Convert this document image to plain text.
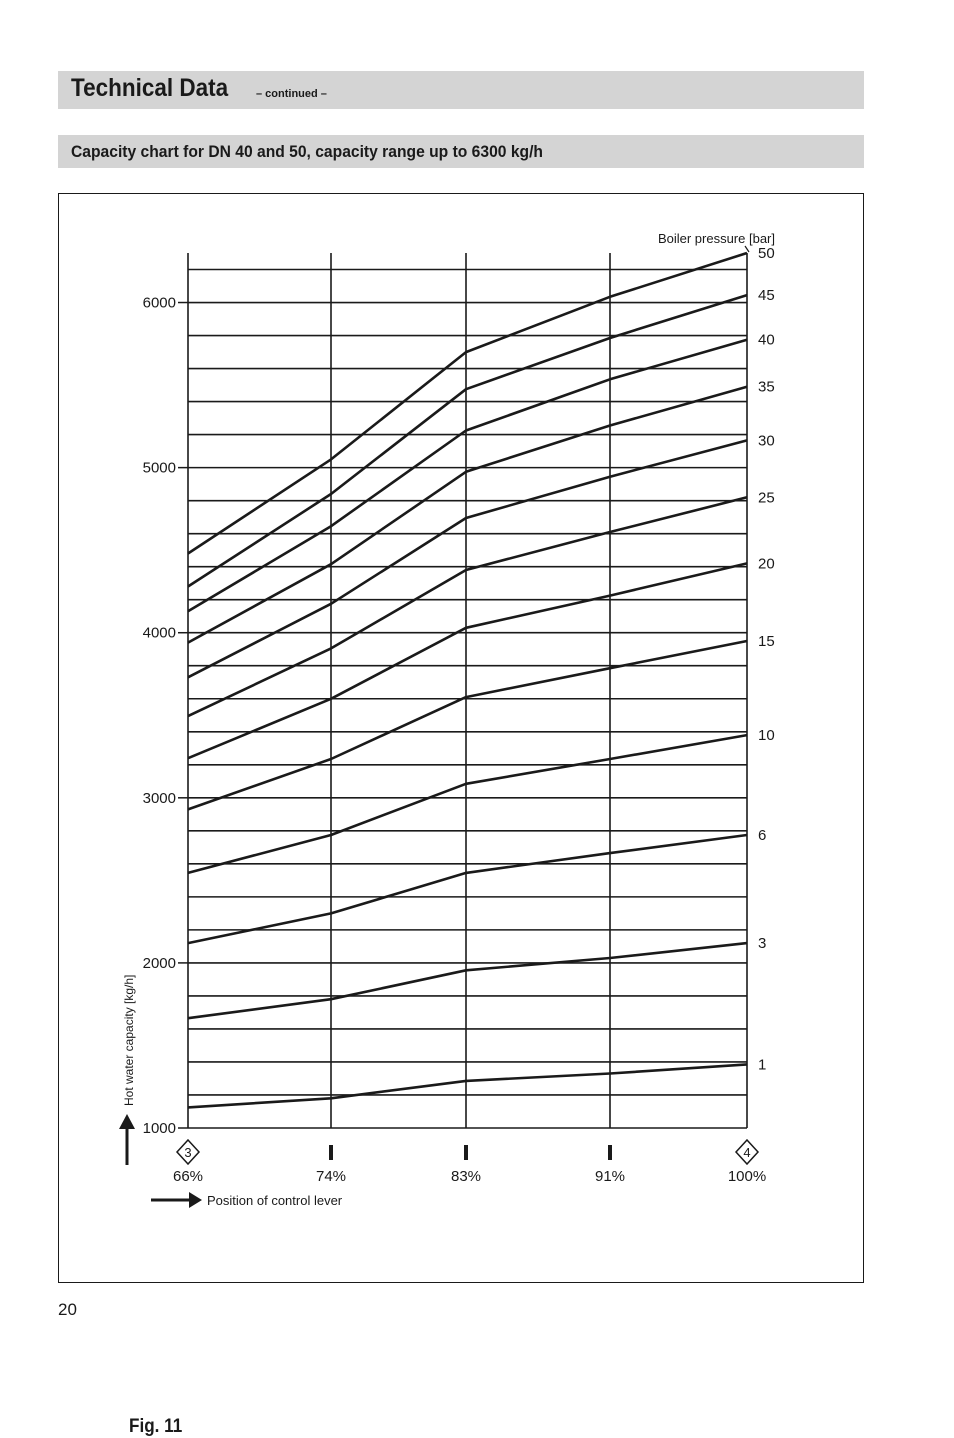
Technical Data	– continued –
Capacity chart for DN 40 and 50, capacity range up to 6300 kg/h
1000
2000
3000
4000
5000
6000
1
3
6
10
15
20
25
30
35
40
45
50
Boiler pressure [bar]
3
66%	74%	83%	91%
4
100%
Position of control lever
Hot water capacity [kg/h]
Fig. 11
20
